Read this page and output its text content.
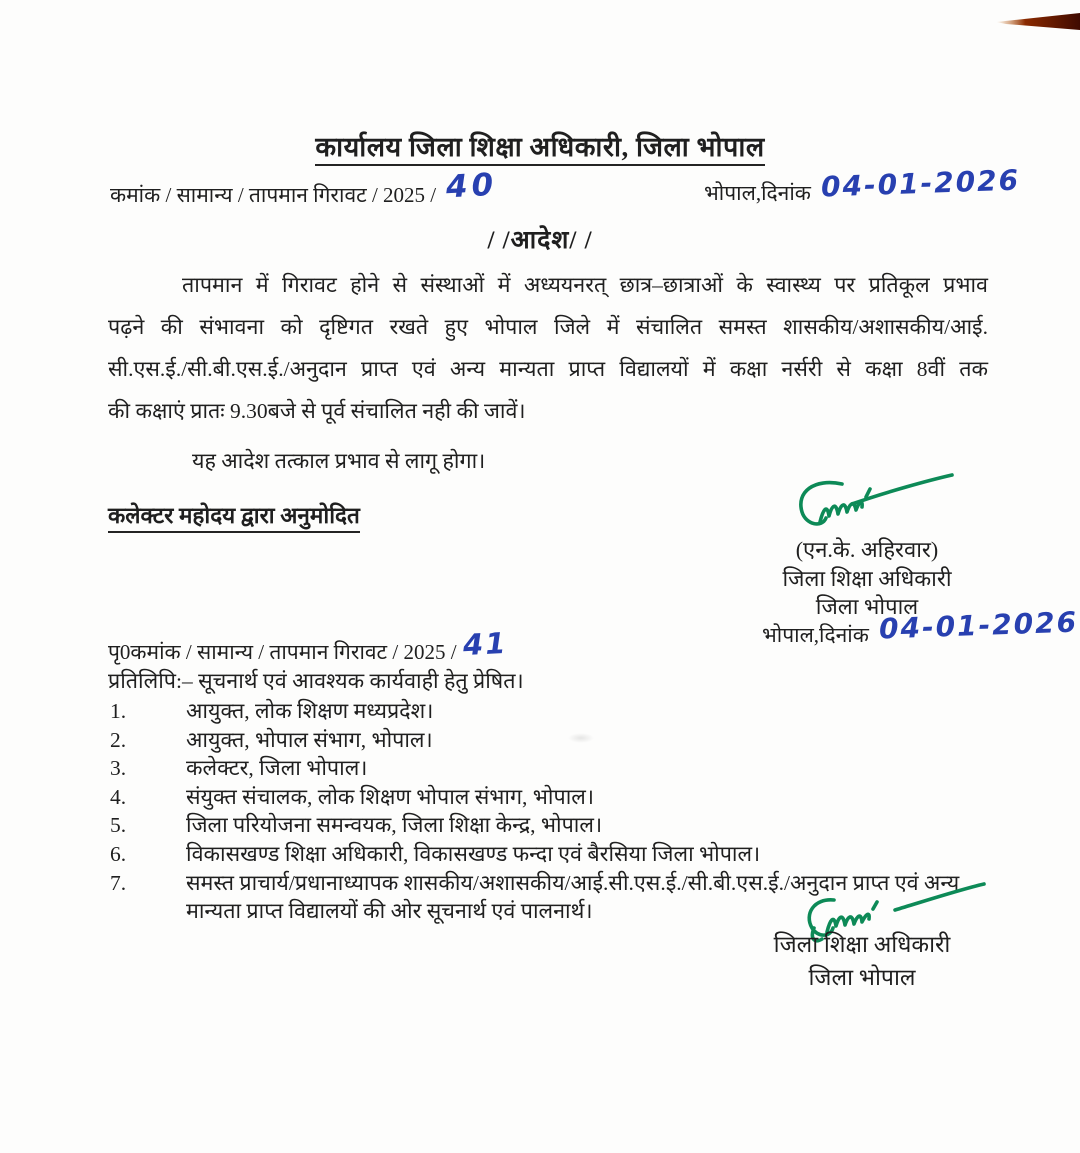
कार्यालय जिला शिक्षा अधिकारी, जिला भोपाल
कमांक / सामान्य / तापमान गिरावट / 2025 / 40	भोपाल,दिनांक 04-01-2026
/ /आदेश/ /
तापमान में गिरावट होने से संस्थाओं में अध्ययनरत् छात्र–छात्राओं के स्वास्थ्य पर प्रतिकूल प्रभाव
पढ़ने की संभावना को दृष्टिगत रखते हुए भोपाल जिले में संचालित समस्त शासकीय/अशासकीय/आई.
सी.एस.ई./सी.बी.एस.ई./अनुदान प्राप्त एवं अन्य मान्यता प्राप्त विद्यालयों में कक्षा नर्सरी से कक्षा 8वीं तक
की कक्षाएं प्रातः 9.30बजे से पूर्व संचालित नही की जावें।
यह आदेश तत्काल प्रभाव से लागू होगा।
कलेक्टर महोदय द्वारा अनुमोदित
(एन.के. अहिरवार)
जिला शिक्षा अधिकारी
जिला भोपाल
भोपाल,दिनांक 04-01-2026
पृ0कमांक / सामान्य / तापमान गिरावट / 2025 / 41
प्रतिलिपि:– सूचनार्थ एवं आवश्यक कार्यवाही हेतु प्रेषित।
1.	आयुक्त, लोक शिक्षण मध्यप्रदेश।
2.	आयुक्त, भोपाल संभाग, भोपाल।
3.	कलेक्टर, जिला भोपाल।
4.	संयुक्त संचालक, लोक शिक्षण भोपाल संभाग, भोपाल।
5.	जिला परियोजना समन्वयक, जिला शिक्षा केन्द्र, भोपाल।
6.	विकासखण्ड शिक्षा अधिकारी, विकासखण्ड फन्दा एवं बैरसिया जिला भोपाल।
7.	समस्त प्राचार्य/प्रधानाध्यापक शासकीय/अशासकीय/आई.सी.एस.ई./सी.बी.एस.ई./अनुदान प्राप्त एवं अन्य मान्यता प्राप्त विद्यालयों की ओर सूचनार्थ एवं पालनार्थ।
जिला शिक्षा अधिकारी
जिला भोपाल
